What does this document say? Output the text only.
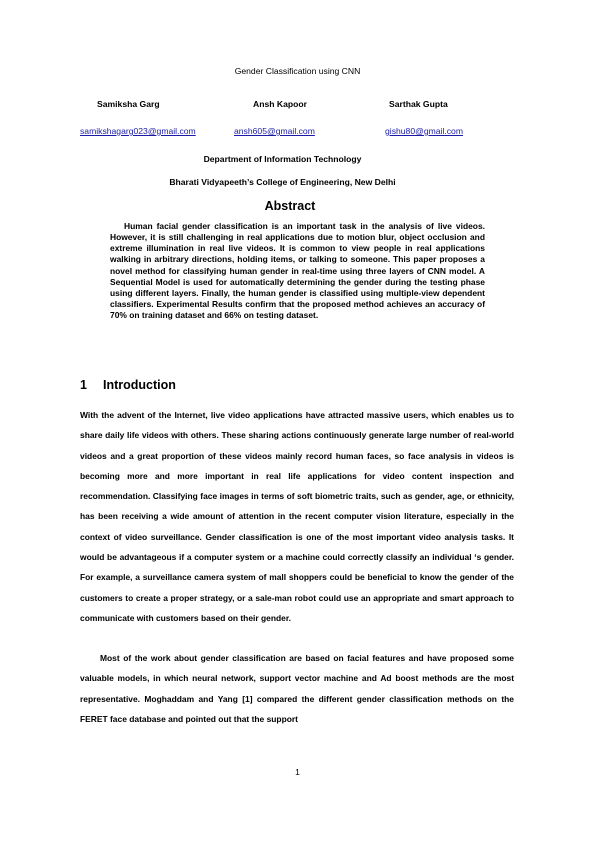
Gender Classification using CNN
Samiksha Garg	Ansh Kapoor	Sarthak Gupta
samikshagarg023@gmail.com	ansh605@gmail.com	gishu80@gmail.com
Department of Information Technology
Bharati Vidyapeeth’s College of Engineering, New Delhi
Abstract

Human facial gender classification is an important task in the analysis of live videos. However, it is still challenging in real applications due to motion blur, object occlusion and extreme illumination in real live videos. It is common to view people in real applications walking in arbitrary directions, holding items, or talking to someone. This paper proposes a novel method for classifying human gender in real-time using three layers of CNN model. A Sequential Model is used for automatically determining the gender during the testing phase using different layers. Finally, the human gender is classified using multiple-view dependent classifiers. Experimental Results confirm that the proposed method achieves an accuracy of 70% on training dataset and 66% on testing dataset.

1 Introduction

With the advent of the Internet, live video applications have attracted massive users, which enables us to share daily life videos with others. These sharing actions continuously generate large number of real-world videos and a great proportion of these videos mainly record human faces, so face analysis in videos is becoming more and more important in real life applications for video content inspection and recommendation. Classifying face images in terms of soft biometric traits, such as gender, age, or ethnicity, has been receiving a wide amount of attention in the recent computer vision literature, especially in the context of video surveillance. Gender classification is one of the most important video analysis tasks. It would be advantageous if a computer system or a machine could correctly classify an individual ‘s gender. For example, a surveillance camera system of mall shoppers could be beneficial to know the gender of the customers to create a proper strategy, or a sale-man robot could use an appropriate and smart approach to communicate with customers based on their gender.

Most of the work about gender classification are based on facial features and have proposed some valuable models, in which neural network, support vector machine and Ad boost methods are the most representative. Moghaddam and Yang [1] compared the different gender classification methods on the FERET face database and pointed out that the support

1
